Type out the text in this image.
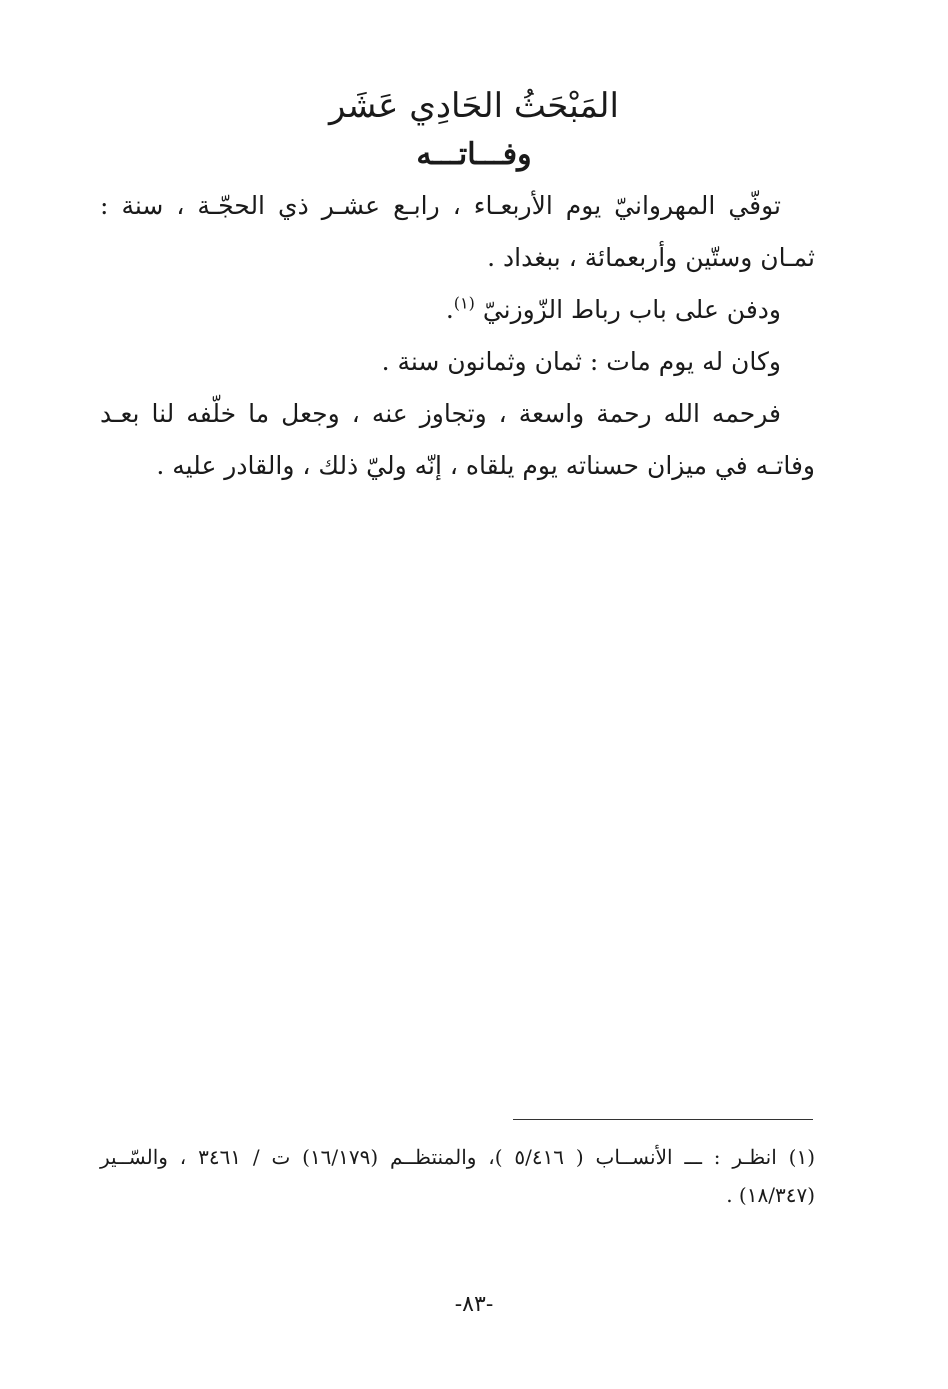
المَبْحَثُ الحَادِي عَشَر
وفـــاتـــه

توفّي المهروانيّ يوم الأربعـاء ، رابـع عشـر ذي الحجّـة ، سنة : ثمـان وستّين وأربعمائة ، ببغداد .

ودفن على باب رباط الزّوزنيّ $^{(١)}$.

وكان له يوم مات : ثمان وثمانون سنة .

فرحمه الله رحمة واسعة ، وتجاوز عنه ، وجعل ما خلّفه لنا بعـد وفاتـه في ميزان حسناته يوم يلقاه ، إنّه وليّ ذلك ، والقادر عليه .

(١) انظـر : ـــ الأنســاب ( ٥/٤١٦ )، والمنتظــم (١٦/١٧٩) ت / ٣٤٦١ ، والسّــير (١٨/٣٤٧) .

-٨٣-
